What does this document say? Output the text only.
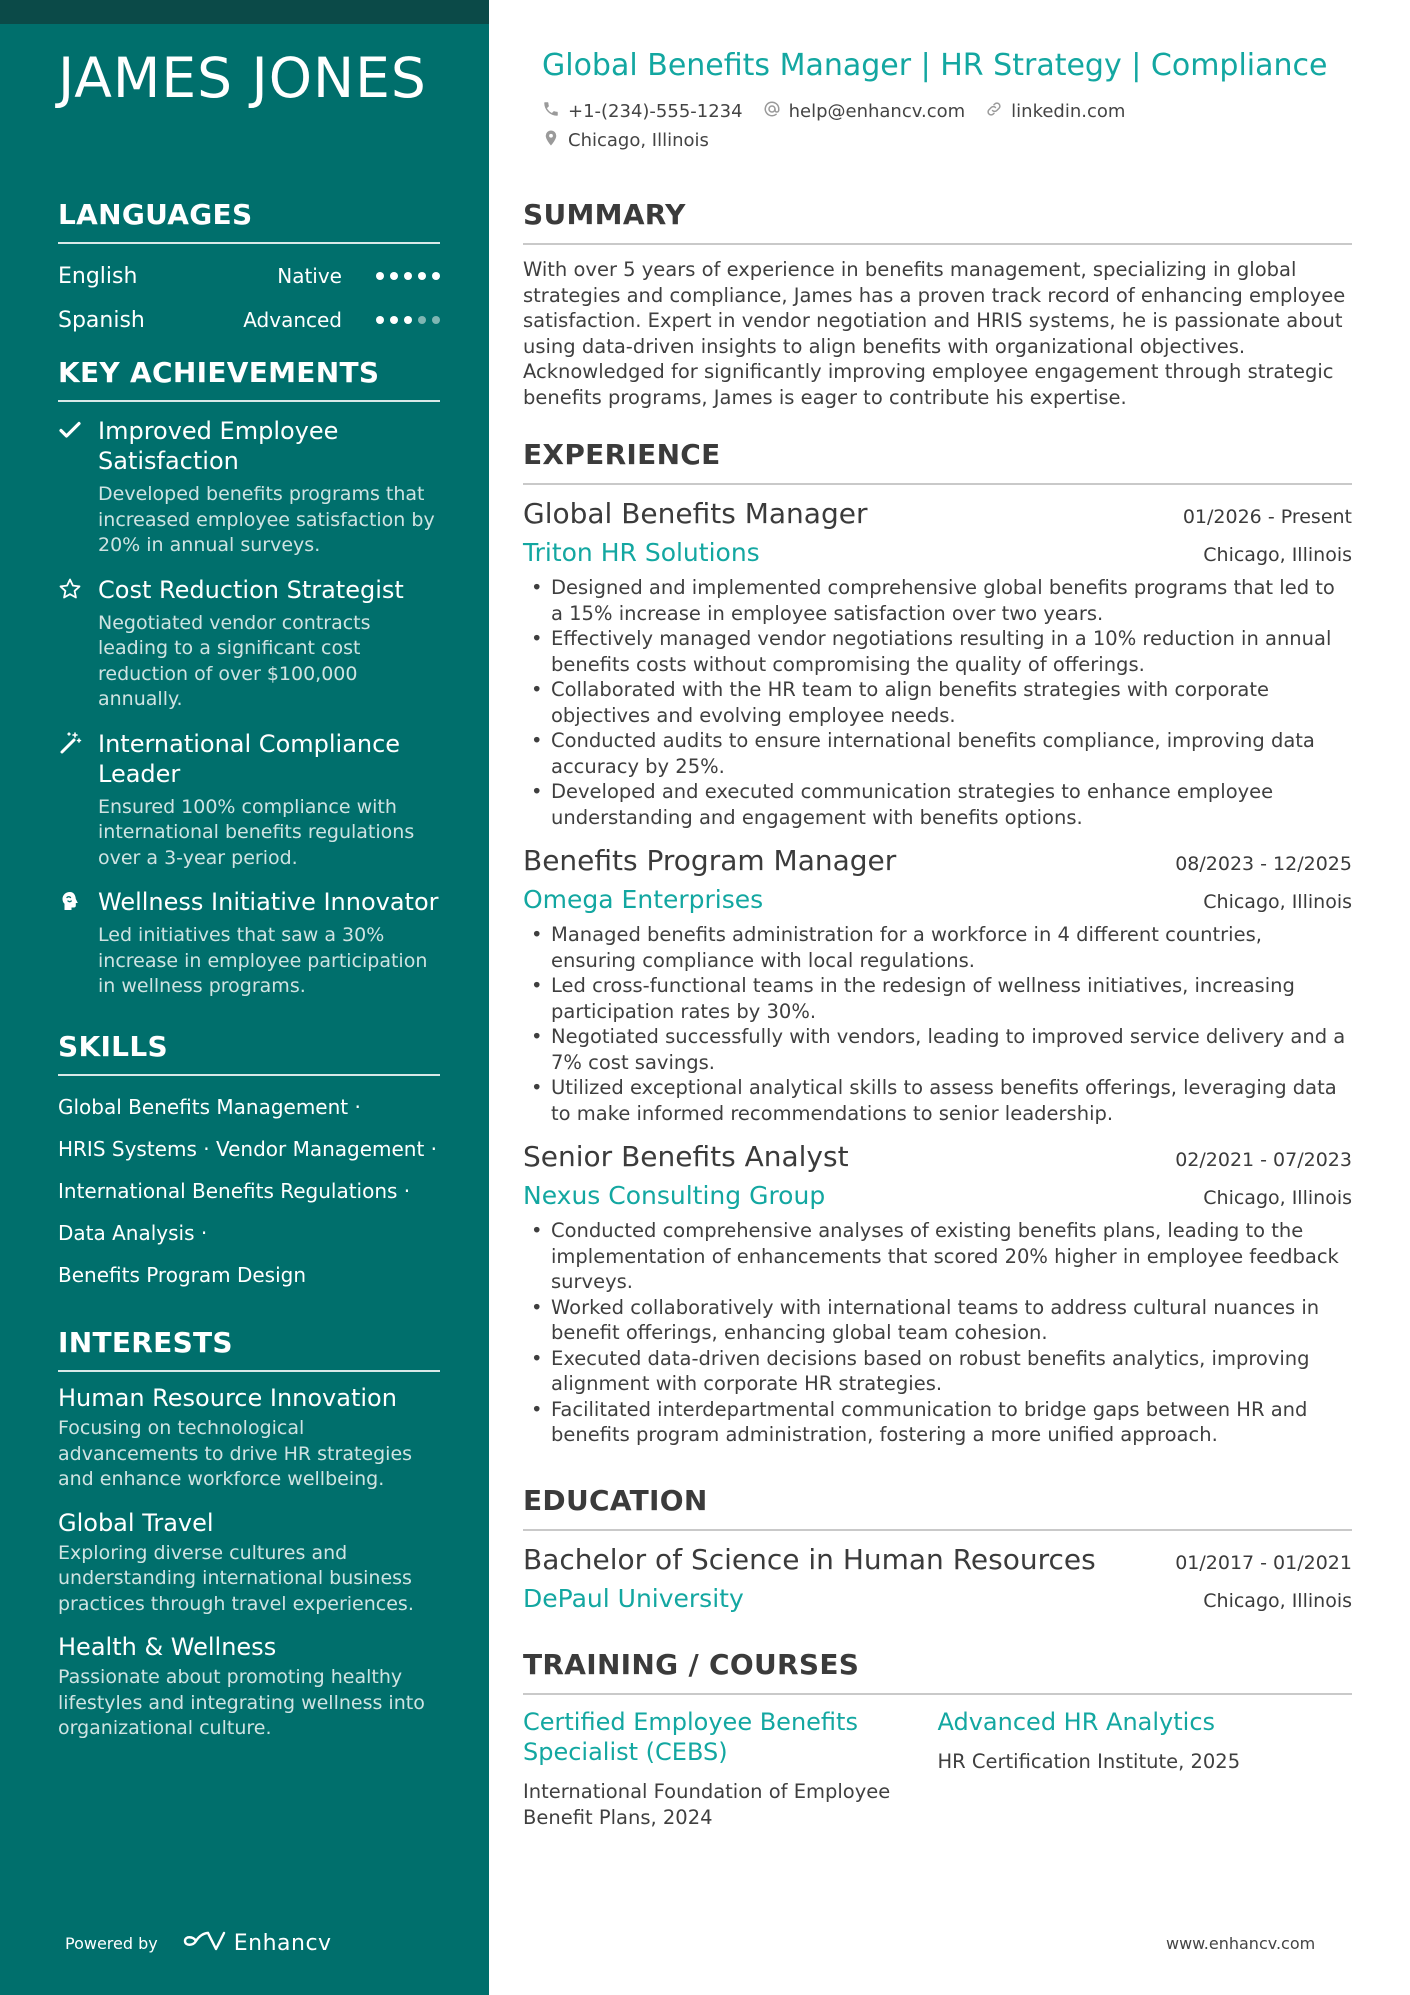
JAMES JONES
LANGUAGES
English	Native
Spanish	Advanced
KEY ACHIEVEMENTS
Improved Employee Satisfaction
Developed benefits programs that increased employee satisfaction by 20% in annual surveys.
Cost Reduction Strategist
Negotiated vendor contracts leading to a significant cost reduction of over $100,000 annually.
International Compliance Leader
Ensured 100% compliance with international benefits regulations over a 3-year period.
Wellness Initiative Innovator
Led initiatives that saw a 30% increase in employee participation in wellness programs.
SKILLS
Global Benefits Management ·
HRIS Systems · Vendor Management ·
International Benefits Regulations ·
Data Analysis ·
Benefits Program Design
INTERESTS
Human Resource Innovation
Focusing on technological advancements to drive HR strategies and enhance workforce wellbeing.
Global Travel
Exploring diverse cultures and understanding international business practices through travel experiences.
Health & Wellness
Passionate about promoting healthy lifestyles and integrating wellness into organizational culture.
Powered by	Enhancv
Global Benefits Manager | HR Strategy | Compliance
+1-(234)-555-1234	help@enhancv.com	linkedin.com
Chicago, Illinois
SUMMARY

With over 5 years of experience in benefits management, specializing in global strategies and compliance, James has a proven track record of enhancing employee satisfaction. Expert in vendor negotiation and HRIS systems, he is passionate about using data-driven insights to align benefits with organizational objectives. Acknowledged for significantly improving employee engagement through strategic benefits programs, James is eager to contribute his expertise.

EXPERIENCE
Global Benefits Manager	01/2026 - Present
Triton HR Solutions	Chicago, Illinois
• Designed and implemented comprehensive global benefits programs that led to a 15% increase in employee satisfaction over two years.
• Effectively managed vendor negotiations resulting in a 10% reduction in annual benefits costs without compromising the quality of offerings.
• Collaborated with the HR team to align benefits strategies with corporate objectives and evolving employee needs.
• Conducted audits to ensure international benefits compliance, improving data accuracy by 25%.
• Developed and executed communication strategies to enhance employee understanding and engagement with benefits options.
Benefits Program Manager	08/2023 - 12/2025
Omega Enterprises	Chicago, Illinois
• Managed benefits administration for a workforce in 4 different countries, ensuring compliance with local regulations.
• Led cross-functional teams in the redesign of wellness initiatives, increasing participation rates by 30%.
• Negotiated successfully with vendors, leading to improved service delivery and a 7% cost savings.
• Utilized exceptional analytical skills to assess benefits offerings, leveraging data to make informed recommendations to senior leadership.
Senior Benefits Analyst	02/2021 - 07/2023
Nexus Consulting Group	Chicago, Illinois
• Conducted comprehensive analyses of existing benefits plans, leading to the implementation of enhancements that scored 20% higher in employee feedback surveys.
• Worked collaboratively with international teams to address cultural nuances in benefit offerings, enhancing global team cohesion.
• Executed data-driven decisions based on robust benefits analytics, improving alignment with corporate HR strategies.
• Facilitated interdepartmental communication to bridge gaps between HR and benefits program administration, fostering a more unified approach.
EDUCATION
Bachelor of Science in Human Resources	01/2017 - 01/2021
DePaul University	Chicago, Illinois
TRAINING / COURSES
Certified Employee Benefits Specialist (CEBS)
International Foundation of Employee Benefit Plans, 2024
Advanced HR Analytics
HR Certification Institute, 2025
www.enhancv.com
